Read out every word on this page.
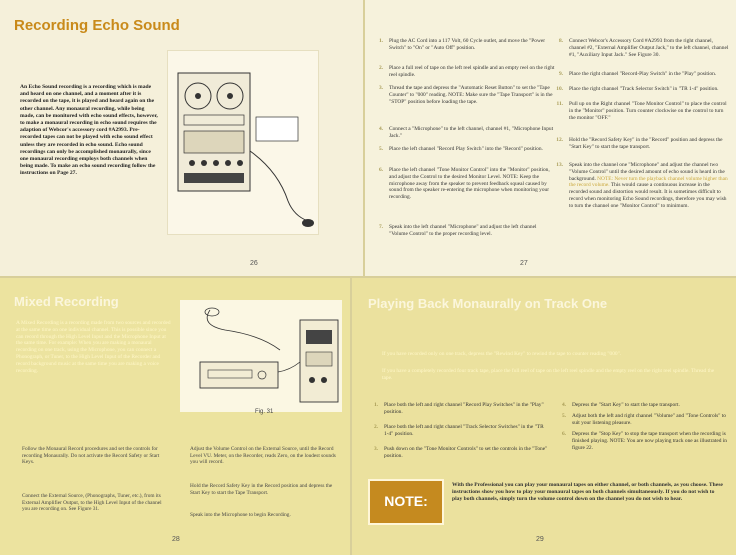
Recording Echo Sound
An Echo Sound recording is a recording which is made and heard on one channel, and a moment after it is recorded on the tape, it is played and heard again on the other channel. Any monaural recording, while being made, can be monitored with echo sound effects, however, to make a monaural recording in echo sound requires the adaption of Webcor's accessory cord #A2993. Pre-recorded tapes can not be played with echo sound effect unless they are recorded in echo sound. Echo sound recordings can only be accomplished monaurally, since one monaural recording employs both channels when being made. To make an echo sound recording follow the instructions on Page 27.
26
1. Plug the AC Cord into a 117 Volt, 60 Cycle outlet, and move the "Power Switch" to "On" or "Auto Off" position.
2. Place a full reel of tape on the left reel spindle and an empty reel on the right reel spindle.
3. Thread the tape and depress the "Automatic Reset Button" to set the "Tape Counter" to "000" reading. NOTE: Make sure the "Tape Transport" is in the "STOP" position before loading the tape.
4. Connect a "Microphone" to the left channel, channel #1, "Microphone Input Jack."
5. Place the left channel "Record Play Switch" into the "Record" position.
6. Place the left channel "Tone Monitor Control" into the "Monitor" position, and adjust the Control to the desired Monitor Level. NOTE: Keep the microphone away from the speaker to prevent feedback squeal caused by sound from the speaker re-entering the microphone when monitoring your recording.
7. Speak into the left channel "Microphone" and adjust the left channel "Volume Control" to the proper recording level.
8. Connect Webcor's Accessory Cord #A2993 from the right channel, channel #2, "External Amplifier Output Jack," to the left channel, channel #1, "Auxiliary Input Jack." See Figure 30.
9. Place the right channel "Record-Play Switch" in the "Play" position.
10. Place the right channel "Track Selector Switch" in "TR 1-4" position.
11. Pull up on the Right channel "Tone Monitor Control" to place the control in the "Monitor" position. Turn counter clockwise on the control to turn the monitor "OFF."
12. Hold the "Record Safety Key" in the "Record" position and depress the "Start Key" to start the tape transport.
13. Speak into the channel one "Microphone" and adjust the channel two "Volume Control" until the desired amount of echo sound is heard in the background. NOTE: Never turn the playback channel volume higher than the record volume. This would cause a continuous increase in the recorded sound and distortion would result. It is sometimes difficult to record when monitoring Echo Sound recordings, therefore you may wish to turn the channel one "Monitor Control" to minimum.
27
Mixed Recording
A Mixed Recording is a recording made from two sources and recorded at the same time on one individual channel. This is possible since you can record through the High Level Input and the Microphone Input at the same time. For example: When you are making a monaural recording on one track, using the Microphone, you can connect a Phonograph, or Tuner, to the High Level Input of the Recorder and record background music at the same time you are making a voice recording.
Fig. 31
Follow the Monaural Record procedures and set the controls for recording Monaurally. Do not activate the Record Safety or Start Keys.
Connect the External Source, (Phonographs, Tuner, etc.), from its External Amplifier Output, to the High Level Input of the channel you are recording on. See Figure 31.
Adjust the Volume Control on the External Source, until the Record Level VU. Meter, on the Recorder, reads Zero, on the loudest sounds you will record.
Hold the Record Safety Key in the Record position and depress the Start Key to start the Tape Transport.
Speak into the Microphone to begin Recording.
28
Playing Back Monaurally on Track One
If you have recorded only on one track, depress the "Rewind Key" to rewind the tape to counter reading "000".
If you have a completely recorded four track tape, place the full reel of tape on the left reel spindle and the empty reel on the right reel spindle. Thread the tape.
1. Place both the left and right channel "Record Play Switches" in the "Play" position.
2. Place both the left and right channel "Track Selector Switches" in the "TR 1-4" position.
3. Push down on the "Tone Monitor Controls" to set the controls in the "Tone" position.
4. Depress the "Start Key" to start the tape transport.
5. Adjust both the left and right channel "Volume" and "Tone Controls" to suit your listening pleasure.
6. Depress the "Stop Key" to stop the tape transport when the recording is finished playing. NOTE: You are now playing track one as illustrated in figure 22.
NOTE:
With the Professional you can play your monaural tapes on either channel, or both channels, as you choose. These instructions show you how to play your monaural tapes on both channels simultaneously. If you do not wish to play both channels, simply turn the volume control down on the channel you do not wish to hear.
29
